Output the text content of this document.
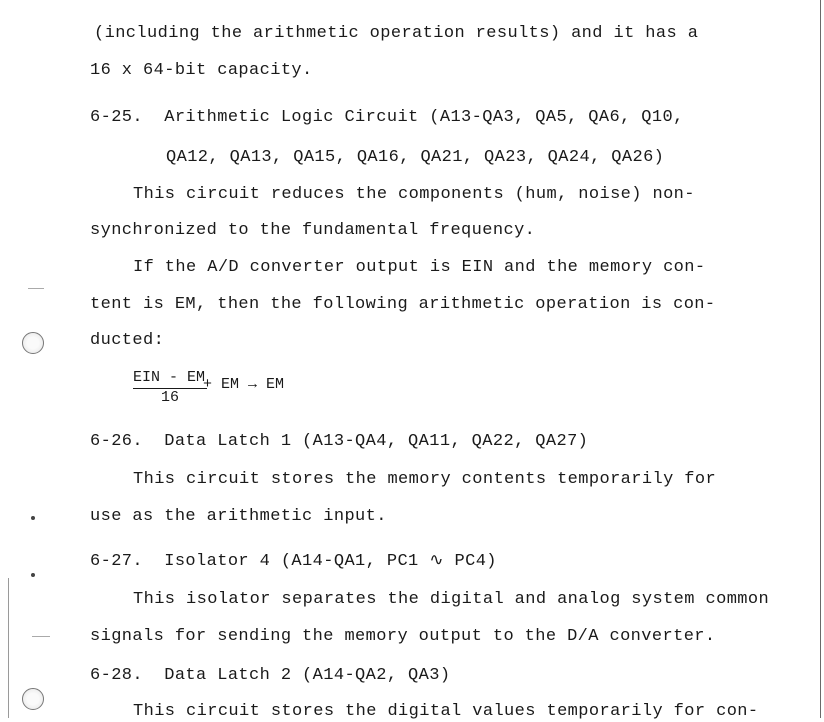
(including the arithmetic operation results) and it has a
16 x 64-bit capacity.
6-25.  Arithmetic Logic Circuit (A13-QA3, QA5, QA6, Q10,
QA12, QA13, QA15, QA16, QA21, QA23, QA24, QA26)
This circuit reduces the components (hum, noise) non-
synchronized to the fundamental frequency.
If the A/D converter output is EIN and the memory con-
tent is EM, then the following arithmetic operation is con-
ducted:
EIN - EM
16
+ EM → EM
6-26.  Data Latch 1 (A13-QA4, QA11, QA22, QA27)
This circuit stores the memory contents temporarily for
use as the arithmetic input.
6-27.  Isolator 4 (A14-QA1, PC1 ∿ PC4)
This isolator separates the digital and analog system common
signals for sending the memory output to the D/A converter.
6-28.  Data Latch 2 (A14-QA2, QA3)
This circuit stores the digital values temporarily for con-
